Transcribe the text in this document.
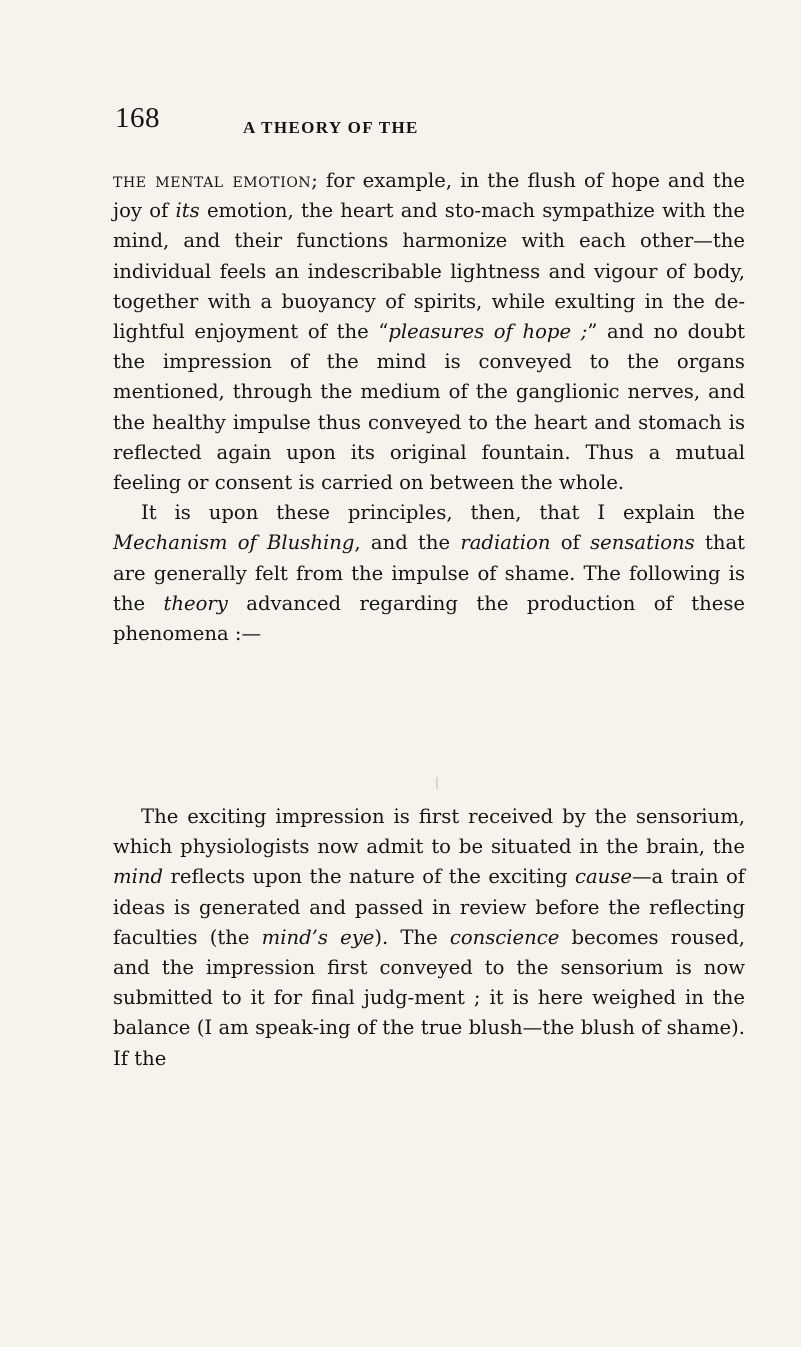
168	A THEORY OF THE

the mental emotion; for example, in the flush of hope and the joy of its emotion, the heart and sto-mach sympathize with the mind, and their functions harmonize with each other—the individual feels an indescribable lightness and vigour of body, together with a buoyancy of spirits, while exulting in the de-lightful enjoyment of the “pleasures of hope ;” and no doubt the impression of the mind is conveyed to the organs mentioned, through the medium of the ganglionic nerves, and the healthy impulse thus conveyed to the heart and stomach is reflected again upon its original fountain. Thus a mutual feeling or consent is carried on between the whole.

It is upon these principles, then, that I explain the Mechanism of Blushing, and the radiation of sensations that are generally felt from the impulse of shame. The following is the theory advanced regarding the production of these phenomena :—

The exciting impression is first received by the sensorium, which physiologists now admit to be situated in the brain, the mind reflects upon the nature of the exciting cause—a train of ideas is generated and passed in review before the reflecting faculties (the mind’s eye). The conscience becomes roused, and the impression first conveyed to the sensorium is now submitted to it for final judg-ment ; it is here weighed in the balance (I am speak-ing of the true blush—the blush of shame). If the
